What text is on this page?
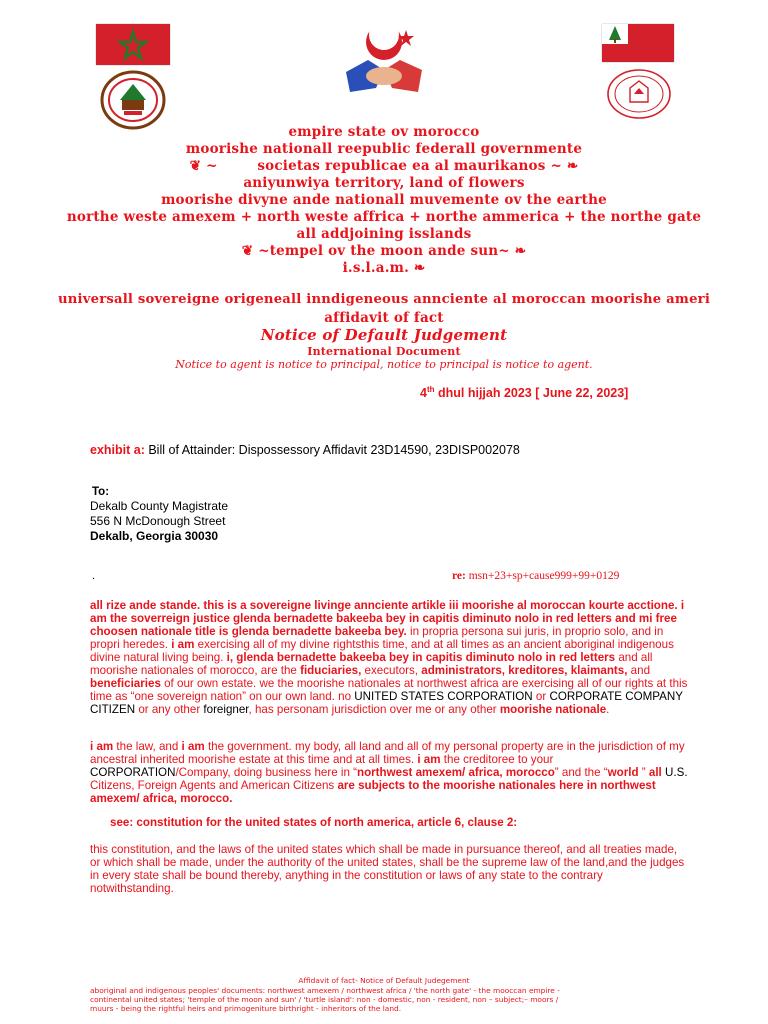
empire state ov morocco
moorishe nationall reepublic federall governmente
❦ ~	societas republicae ea al maurikanos ~ ❧
aniyunwiya territory, land of flowers
moorishe divyne ande nationall muvemente ov the earthe
northe weste amexem + north weste affrica + northe ammerica + the northe gate
all addjoining isslands
❦ ~tempel ov the moon ande sun~ ❧
i.s.l.a.m. ❧
universall sovereigne origeneall inndigeneous annciente al moroccan moorishe ameri
affidavit of fact
Notice of Default Judgement
International Document
Notice to agent is notice to principal, notice to principal is notice to agent.
4th dhul hijjah 2023 [ June 22, 2023]
exhibit a: Bill of Attainder: Dispossessory Affidavit 23D14590, 23DISP002078
To:
Dekalb County Magistrate
556 N McDonough Street
Dekalb, Georgia 30030
.	re: msn+23+sp+cause999+99+0129
all rize ande stande. this is a sovereigne livinge annciente artikle iii moorishe al moroccan kourte acctione. i am the soverreign justice glenda bernadette bakeeba bey in capitis diminuto nolo in red letters and mi free choosen nationale title is glenda bernadette bakeeba bey. in propria persona sui juris, in proprio solo, and in propri heredes. i am exercising all of my divine rightsthis time, and at all times as an ancient aboriginal indigenous divine natural living being. i, glenda bernadette bakeeba bey in capitis diminuto nolo in red letters and all moorishe nationales of morocco, are the fiduciaries, executors, administrators, kreditores, klaimants, and beneficiaries of our own estate. we the moorishe nationales at northwest africa are exercising all of our rights at this time as “one sovereign nation” on our own land. no UNITED STATES CORPORATION or CORPORATE COMPANY CITIZEN or any other foreigner, has personam jurisdiction over me or any other moorishe nationale.
i am the law, and i am the government. my body, all land and all of my personal property are in the jurisdiction of my ancestral inherited moorishe estate at this time and at all times. i am the creditoree to your CORPORATION/Company, doing business here in “northwest amexem/ africa, morocco” and the “world ” all U.S. Citizens, Foreign Agents and American Citizens are subjects to the moorishe nationales here in northwest amexem/ africa, morocco.
see: constitution for the united states of north america, article 6, clause 2:
this constitution, and the laws of the united states which shall be made in pursuance thereof, and all treaties made, or which shall be made, under the authority of the united states, shall be the supreme law of the land,and the judges in every state shall be bound thereby, anything in the constitution or laws of any state to the contrary notwithstanding.
Affidavit of fact- Notice of Default Judegement
aboriginal and indigenous peoples' documents: northwest amexem / northwest africa / 'the north gate' - the mooccan empire -
continental united states; 'temple of the moon and sun' / 'turtle island': non - domestic, non - resident, non – subject;– moors /
muurs - being the rightful heirs and primogeniture birthright - inheritors of the land.
